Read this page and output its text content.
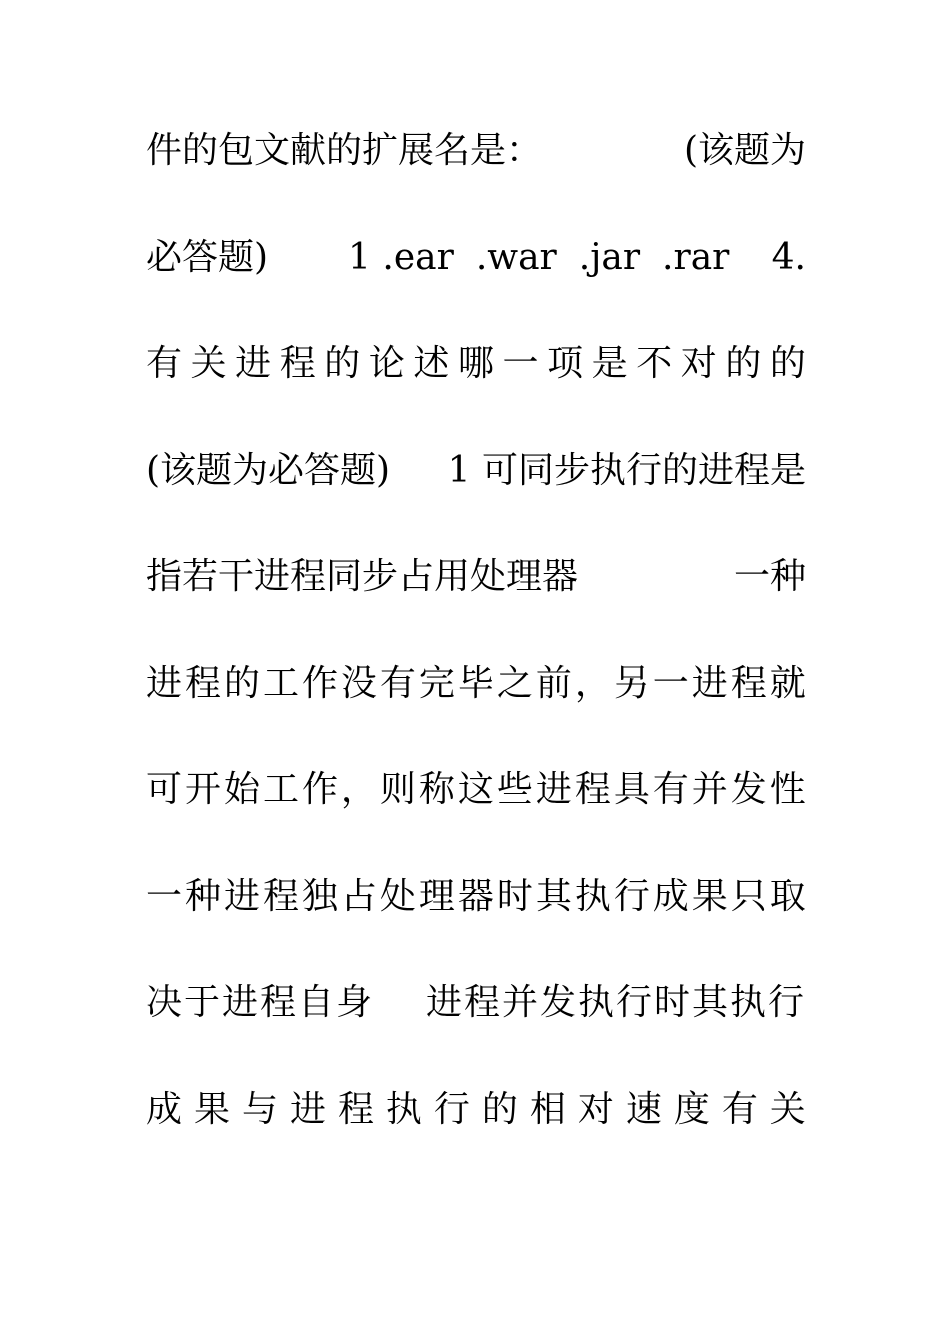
件的包文献的扩展名是：	(该题为
必答题) 1 .ear .war .jar .rar 4.
有 关 进 程 的 论 述 哪 一 项 是 不 对 的 的
(该题为必答题) 1 可同步执行的进程是
指若干进程同步占用处理器	一种
进 程 的 工 作 没 有 完 毕 之 前 ， 另 一 进 程 就
可 开 始 工 作 ， 则 称 这 些 进 程 具 有 并 发 性
一 种 进 程 独 占 处 理 器 时 其 执 行 成 果 只 取
决于进程自身 进程并发执行时其执行
成 果 与 进 程 执 行 的 相 对 速 度 有 关
